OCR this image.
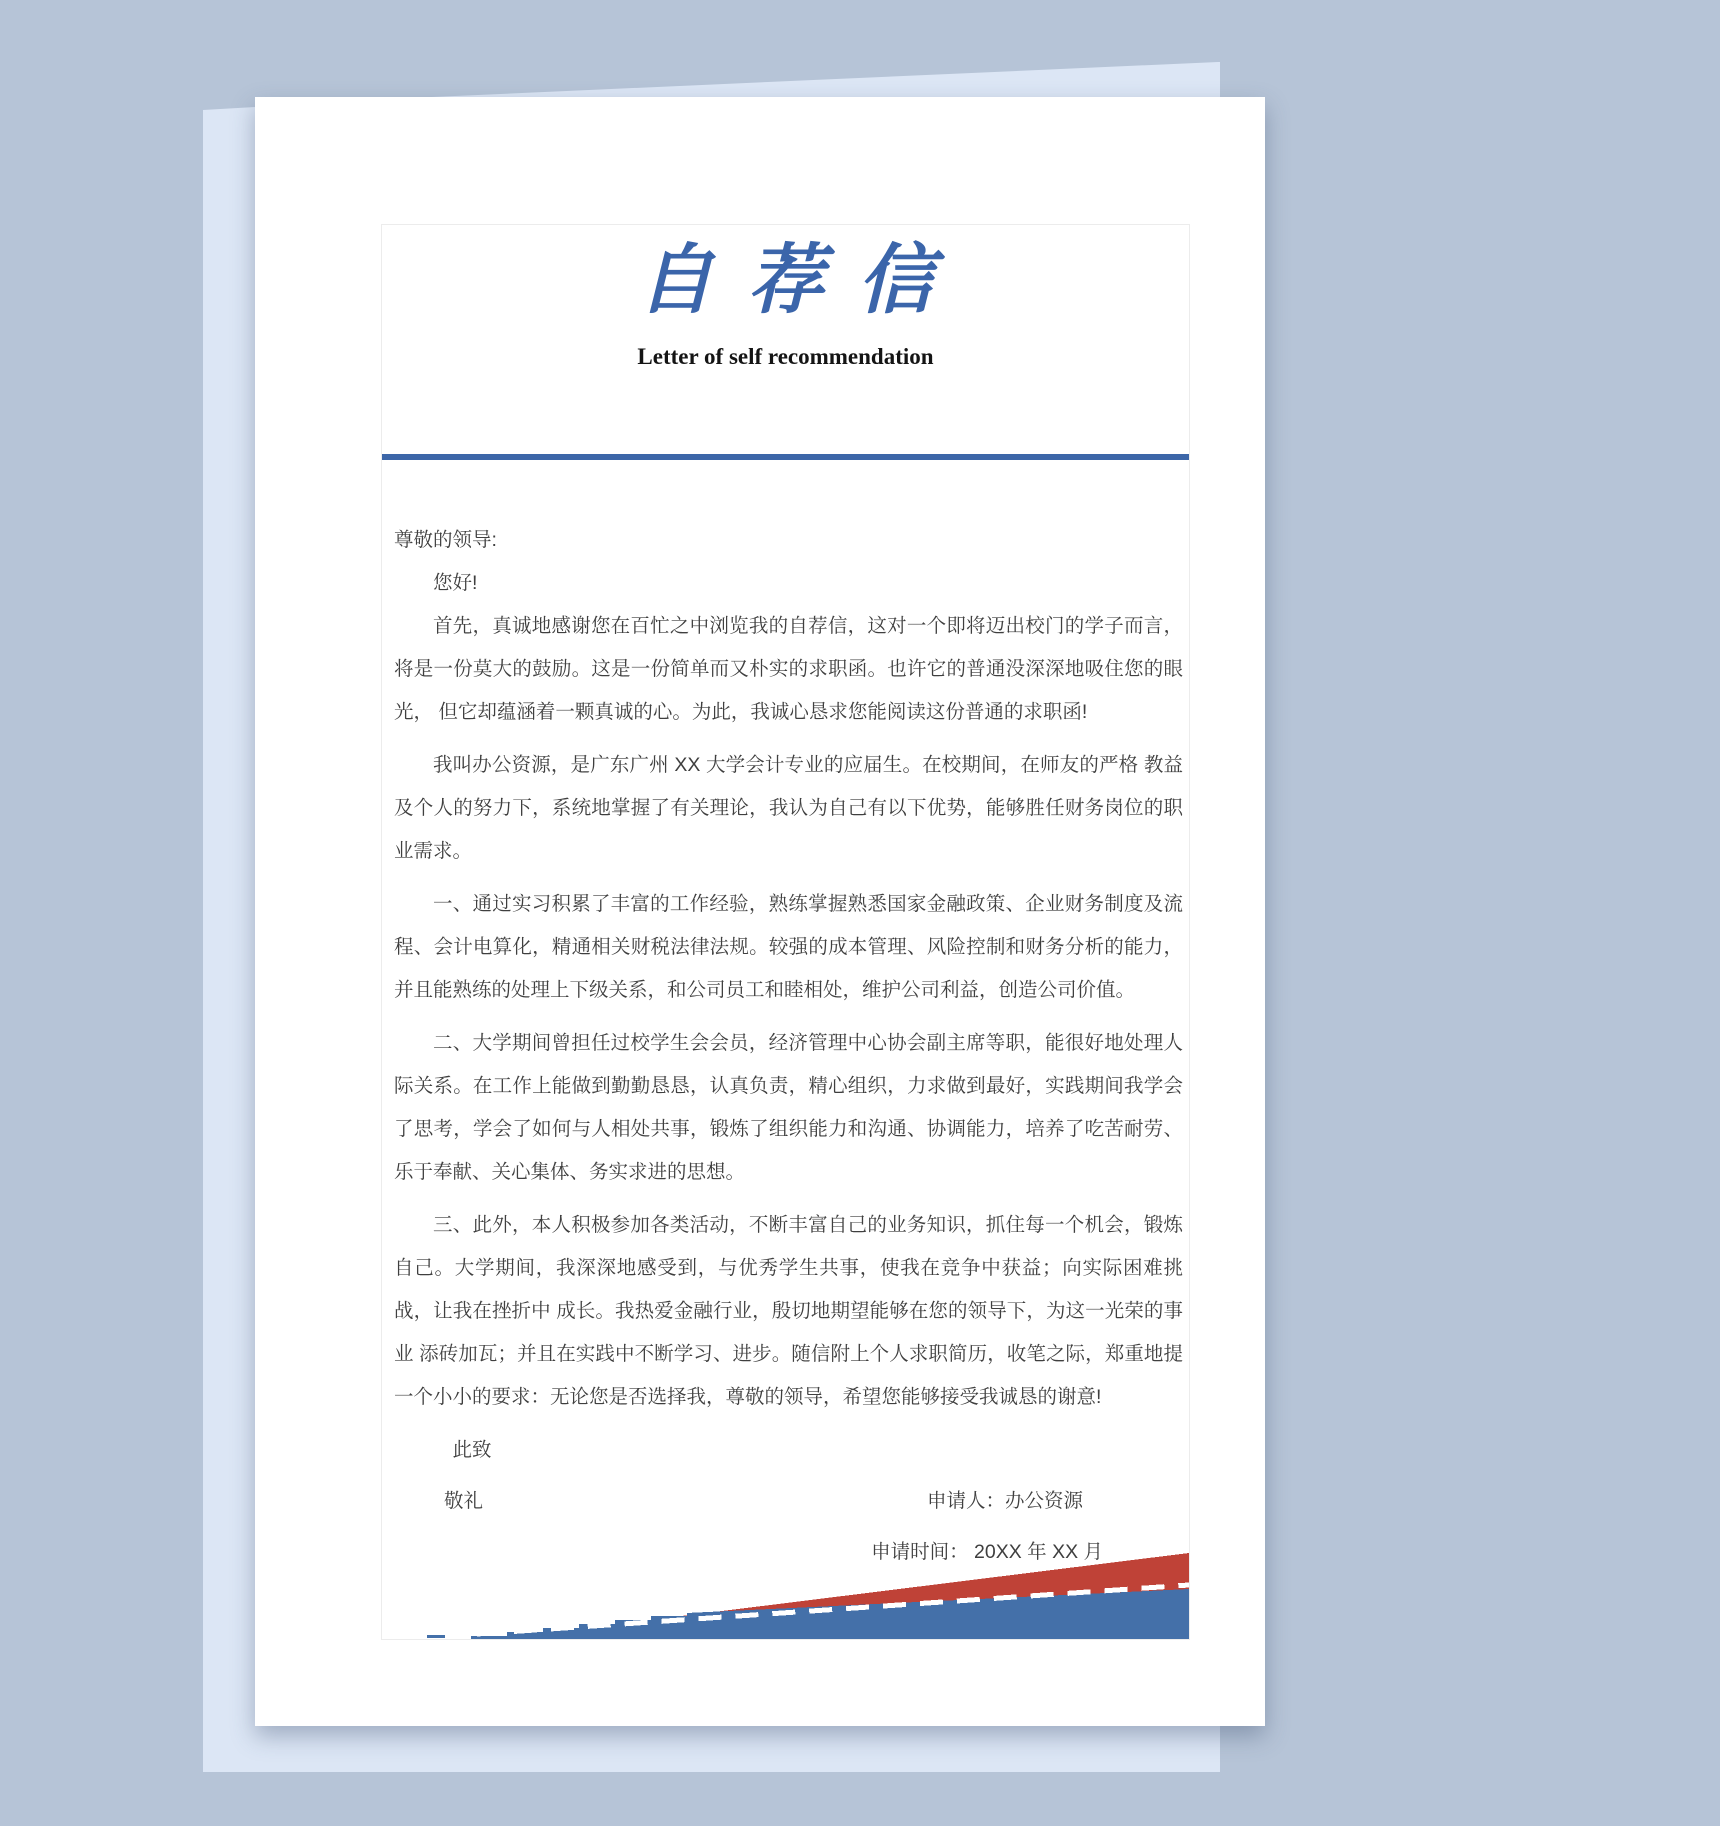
自荐信
Letter of self recommendation

尊敬的领导:

您好!

首先，真诚地感谢您在百忙之中浏览我的自荐信，这对一个即将迈出校门的学子而言，将是一份莫大的鼓励。这是一份简单而又朴实的求职函。也许它的普通没深深地吸住您的眼光， 但它却蕴涵着一颗真诚的心。为此，我诚心恳求您能阅读这份普通的求职函!

我叫办公资源，是广东广州 XX 大学会计专业的应届生。在校期间，在师友的严格 教益及个人的努力下，系统地掌握了有关理论，我认为自己有以下优势，能够胜任财务岗位的职业需求。

一、通过实习积累了丰富的工作经验，熟练掌握熟悉国家金融政策、企业财务制度及流程、会计电算化，精通相关财税法律法规。较强的成本管理、风险控制和财务分析的能力，并且能熟练的处理上下级关系，和公司员工和睦相处，维护公司利益，创造公司价值。

二、大学期间曾担任过校学生会会员，经济管理中心协会副主席等职，能很好地处理人际关系。在工作上能做到勤勤恳恳，认真负责，精心组织，力求做到最好，实践期间我学会了思考，学会了如何与人相处共事，锻炼了组织能力和沟通、协调能力，培养了吃苦耐劳、乐于奉献、关心集体、务实求进的思想。

三、此外，本人积极参加各类活动，不断丰富自己的业务知识，抓住每一个机会，锻炼自己。大学期间，我深深地感受到，与优秀学生共事，使我在竞争中获益；向实际困难挑战，让我在挫折中 成长。我热爱金融行业，殷切地期望能够在您的领导下，为这一光荣的事业 添砖加瓦；并且在实践中不断学习、进步。随信附上个人求职简历，收笔之际，郑重地提 一个小小的要求：无论您是否选择我，尊敬的领导，希望您能够接受我诚恳的谢意!

此致

敬礼	申请人：办公资源
申请时间： 20XX 年 XX 月
